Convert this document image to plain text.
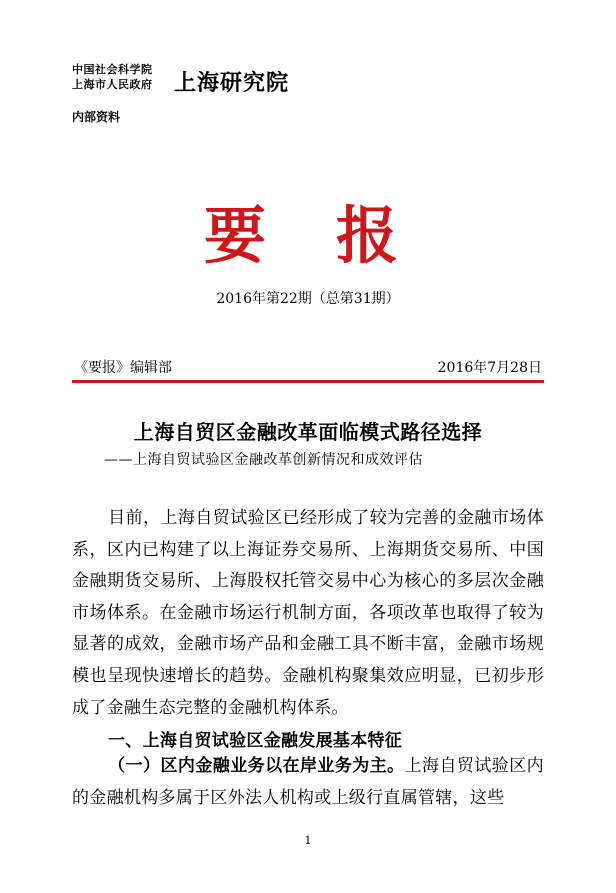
中国社会科学院
上海市人民政府 上海研究院
内部资料
要 报
2016年第22期（总第31期）
《要报》编辑部	2016年7月28日
上海自贸区金融改革面临模式路径选择
——上海自贸试验区金融改革创新情况和成效评估
目前，上海自贸试验区已经形成了较为完善的金融市场体系，区内已构建了以上海证券交易所、上海期货交易所、中国金融期货交易所、上海股权托管交易中心为核心的多层次金融市场体系。在金融市场运行机制方面，各项改革也取得了较为显著的成效，金融市场产品和金融工具不断丰富，金融市场规模也呈现快速增长的趋势。金融机构聚集效应明显，已初步形成了金融生态完整的金融机构体系。
一、上海自贸试验区金融发展基本特征
（一）区内金融业务以在岸业务为主。上海自贸试验区内的金融机构多属于区外法人机构或上级行直属管辖，这些
1
